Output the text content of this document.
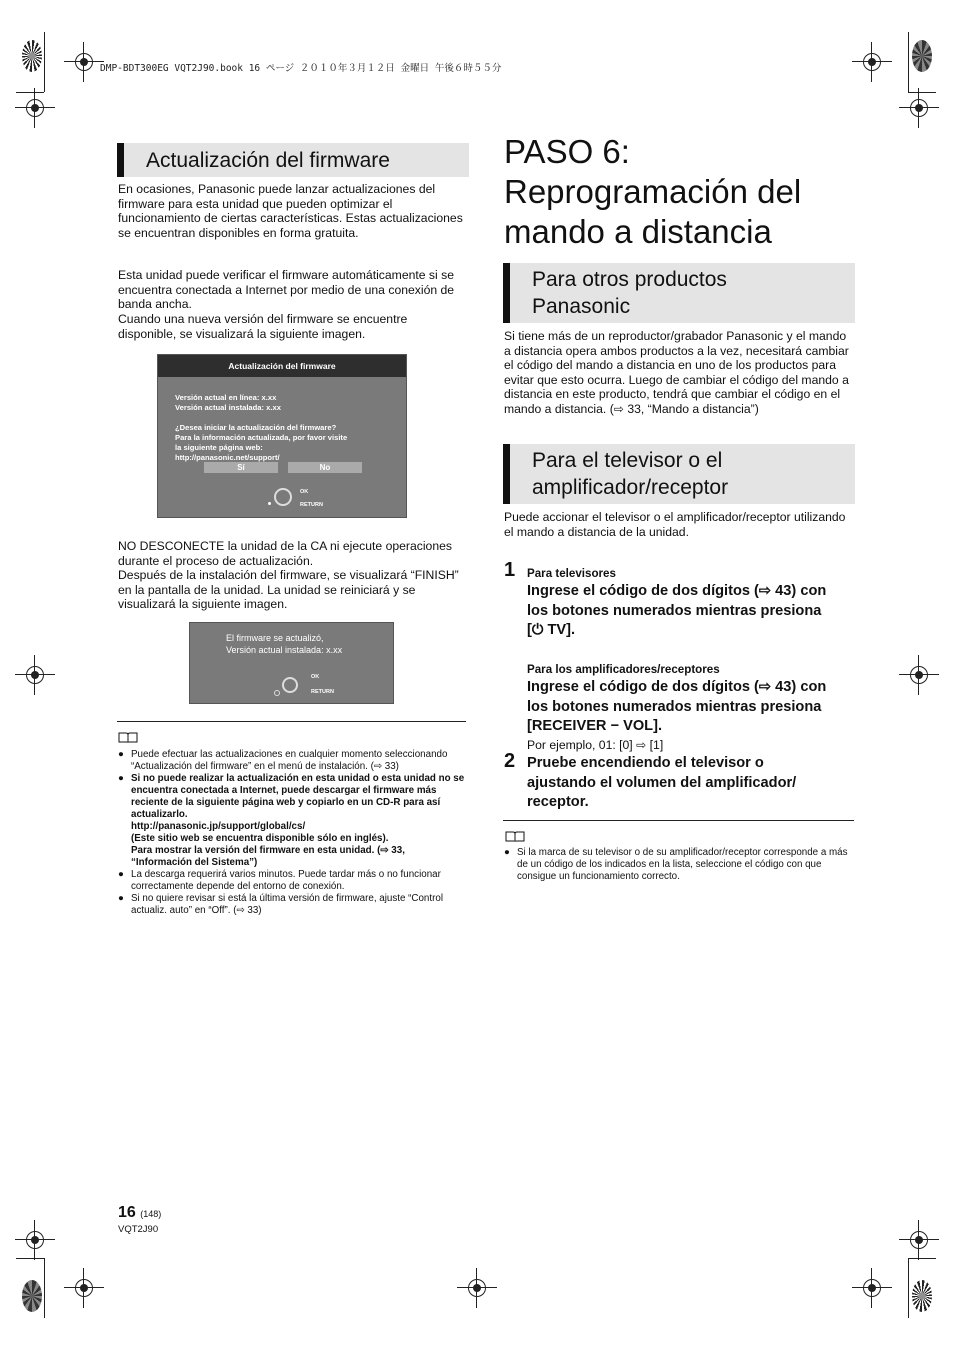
DMP-BDT300EG VQT2J90.book 16 ページ ２０１０年３月１２日 金曜日 午後６時５５分
Actualización del firmware
En ocasiones, Panasonic puede lanzar actualizaciones del firmware para esta unidad que pueden optimizar el funcionamiento de ciertas características. Estas actualizaciones se encuentran disponibles en forma gratuita.
Esta unidad puede verificar el firmware automáticamente si se encuentra conectada a Internet por medio de una conexión de banda ancha.
Cuando una nueva versión del firmware se encuentre disponible, se visualizará la siguiente imagen.
Actualización del firmware
Versión actual en línea: x.xx
Versión actual instalada: x.xx
¿Desea iniciar la actualización del firmware?
Para la información actualizada, por favor visite
la siguiente página web:
http://panasonic.net/support/
Sí	No
OK
RETURN
NO DESCONECTE la unidad de la CA ni ejecute operaciones durante el proceso de actualización.
Después de la instalación del firmware, se visualizará “FINISH” en la pantalla de la unidad. La unidad se reiniciará y se visualizará la siguiente imagen.
El firmware se actualizó,
Versión actual instalada: x.xx
OK
RETURN
● Puede efectuar las actualizaciones en cualquier momento seleccionando “Actualización del firmware” en el menú de instalación. (⇨ 33)
● Si no puede realizar la actualización en esta unidad o esta unidad no se encuentra conectada a Internet, puede descargar el firmware más reciente de la siguiente página web y copiarlo en un CD-R para así actualizarlo.
http://panasonic.jp/support/global/cs/
(Este sitio web se encuentra disponible sólo en inglés).
Para mostrar la versión del firmware en esta unidad. (⇨ 33, “Información del Sistema”)
● La descarga requerirá varios minutos. Puede tardar más o no funcionar correctamente depende del entorno de conexión.
● Si no quiere revisar si está la última versión de firmware, ajuste “Control actualiz. auto” en “Off”. (⇨ 33)
PASO 6:
Reprogramación del
mando a distancia
Para otros productos
Panasonic
Si tiene más de un reproductor/grabador Panasonic y el mando a distancia opera ambos productos a la vez, necesitará cambiar el código del mando a distancia en uno de los productos para evitar que esto ocurra. Luego de cambiar el código del mando a distancia en este producto, tendrá que cambiar el código en el mando a distancia. (⇨ 33, “Mando a distancia”)
Para el televisor o el
amplificador/receptor
Puede accionar el televisor o el amplificador/receptor utilizando el mando a distancia de la unidad.
1 Para televisores
Ingrese el código de dos dígitos (⇨ 43) con
los botones numerados mientras presiona
[⏻ TV].
Para los amplificadores/receptores
Ingrese el código de dos dígitos (⇨ 43) con
los botones numerados mientras presiona
[RECEIVER − VOL].
Por ejemplo, 01: [0] ⇨ [1]
2 Pruebe encendiendo el televisor o
ajustando el volumen del amplificador/
receptor.
● Si la marca de su televisor o de su amplificador/receptor corresponde a más de un código de los indicados en la lista, seleccione el código con que consigue un funcionamiento correcto.
16 (148)
VQT2J90
